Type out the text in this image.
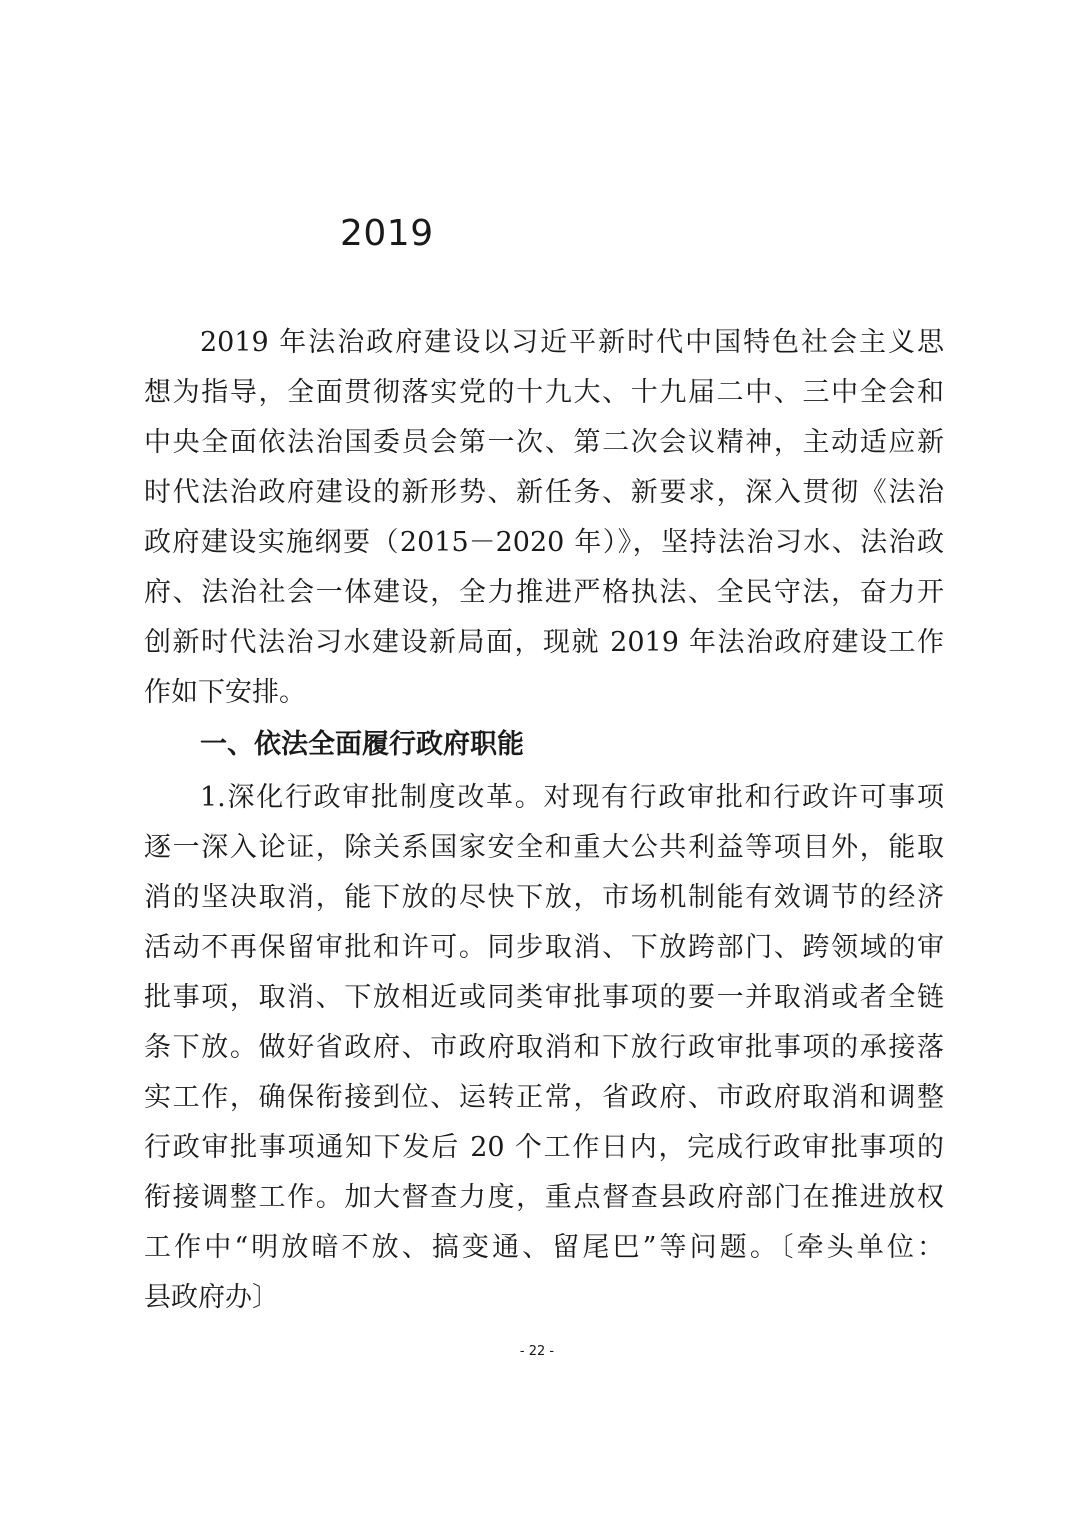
2019

2019 年法治政府建设以习近平新时代中国特色社会主义思

想为指导，全面贯彻落实党的十九大、十九届二中、三中全会和

中央全面依法治国委员会第一次、第二次会议精神，主动适应新

时代法治政府建设的新形势、新任务、新要求，深入贯彻《法治

政府建设实施纲要（2015－2020 年）》，坚持法治习水、法治政

府、法治社会一体建设，全力推进严格执法、全民守法，奋力开

创新时代法治习水建设新局面，现就 2019 年法治政府建设工作

作如下安排。

一、依法全面履行政府职能

1.深化行政审批制度改革。对现有行政审批和行政许可事项

逐一深入论证，除关系国家安全和重大公共利益等项目外，能取

消的坚决取消，能下放的尽快下放，市场机制能有效调节的经济

活动不再保留审批和许可。同步取消、下放跨部门、跨领域的审

批事项，取消、下放相近或同类审批事项的要一并取消或者全链

条下放。做好省政府、市政府取消和下放行政审批事项的承接落

实工作，确保衔接到位、运转正常，省政府、市政府取消和调整

行政审批事项通知下发后 20 个工作日内，完成行政审批事项的

衔接调整工作。加大督查力度，重点督查县政府部门在推进放权

工作中“明放暗不放、搞变通、留尾巴”等问题。〔牵头单位：

县政府办〕

- 22 -
